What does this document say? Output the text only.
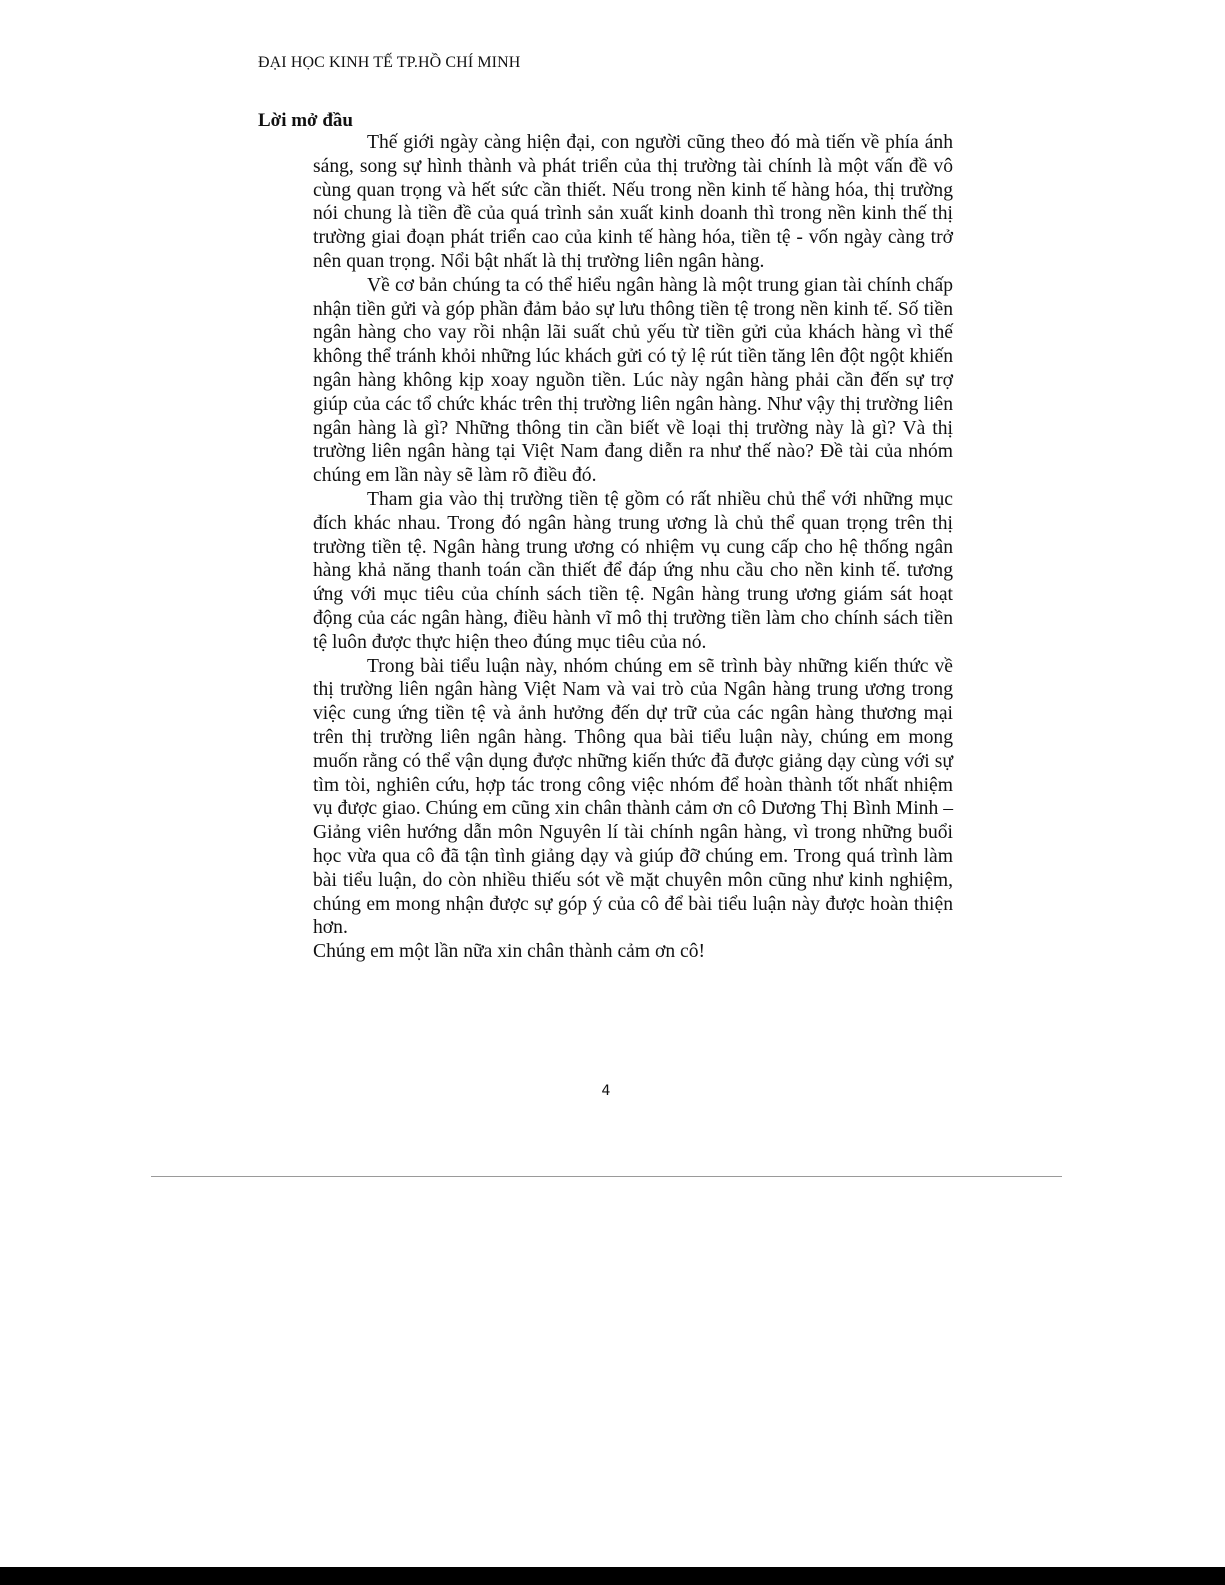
ĐẠI HỌC KINH TẾ TP.HỒ CHÍ MINH
Lời mở đầu

Thế giới ngày càng hiện đại, con người cũng theo đó mà tiến về phía ánh sáng, song sự hình thành và phát triển của thị trường tài chính là một vấn đề vô cùng quan trọng và hết sức cần thiết. Nếu trong nền kinh tế hàng hóa, thị trường nói chung là tiền đề của quá trình sản xuất kinh doanh thì trong nền kinh thế thị trường giai đoạn phát triển cao của kinh tế hàng hóa, tiền tệ - vốn ngày càng trở nên quan trọng. Nổi bật nhất là thị trường liên ngân hàng.

Về cơ bản chúng ta có thể hiểu ngân hàng là một trung gian tài chính chấp nhận tiền gửi và góp phần đảm bảo sự lưu thông tiền tệ trong nền kinh tế. Số tiền ngân hàng cho vay rồi nhận lãi suất chủ yếu từ tiền gửi của khách hàng vì thế không thể tránh khỏi những lúc khách gửi có tỷ lệ rút tiền tăng lên đột ngột khiến ngân hàng không kịp xoay nguồn tiền. Lúc này ngân hàng phải cần đến sự trợ giúp của các tổ chức khác trên thị trường liên ngân hàng. Như vậy thị trường liên ngân hàng là gì? Những thông tin cần biết về loại thị trường này là gì? Và thị trường liên ngân hàng tại Việt Nam đang diễn ra như thế nào? Đề tài của nhóm chúng em lần này sẽ làm rõ điều đó.

Tham gia vào thị trường tiền tệ gồm có rất nhiều chủ thể với những mục đích khác nhau. Trong đó ngân hàng trung ương là chủ thể quan trọng trên thị trường tiền tệ. Ngân hàng trung ương có nhiệm vụ cung cấp cho hệ thống ngân hàng khả năng thanh toán cần thiết để đáp ứng nhu cầu cho nền kinh tế. tương ứng với mục tiêu của chính sách tiền tệ. Ngân hàng trung ương giám sát hoạt động của các ngân hàng, điều hành vĩ mô thị trường tiền làm cho chính sách tiền tệ luôn được thực hiện theo đúng mục tiêu của nó.

Trong bài tiểu luận này, nhóm chúng em sẽ trình bày những kiến thức về thị trường liên ngân hàng Việt Nam và vai trò của Ngân hàng trung ương trong việc cung ứng tiền tệ và ảnh hưởng đến dự trữ của các ngân hàng thương mại trên thị trường liên ngân hàng. Thông qua bài tiểu luận này, chúng em mong muốn rằng có thể vận dụng được những kiến thức đã được giảng dạy cùng với sự tìm tòi, nghiên cứu, hợp tác trong công việc nhóm để hoàn thành tốt nhất nhiệm vụ được giao. Chúng em cũng xin chân thành cảm ơn cô Dương Thị Bình Minh – Giảng viên hướng dẫn môn Nguyên lí tài chính ngân hàng, vì trong những buổi học vừa qua cô đã tận tình giảng dạy và giúp đỡ chúng em. Trong quá trình làm bài tiểu luận, do còn nhiều thiếu sót về mặt chuyên môn cũng như kinh nghiệm, chúng em mong nhận được sự góp ý của cô để bài tiểu luận này được hoàn thiện hơn.

Chúng em một lần nữa xin chân thành cảm ơn cô!

4
